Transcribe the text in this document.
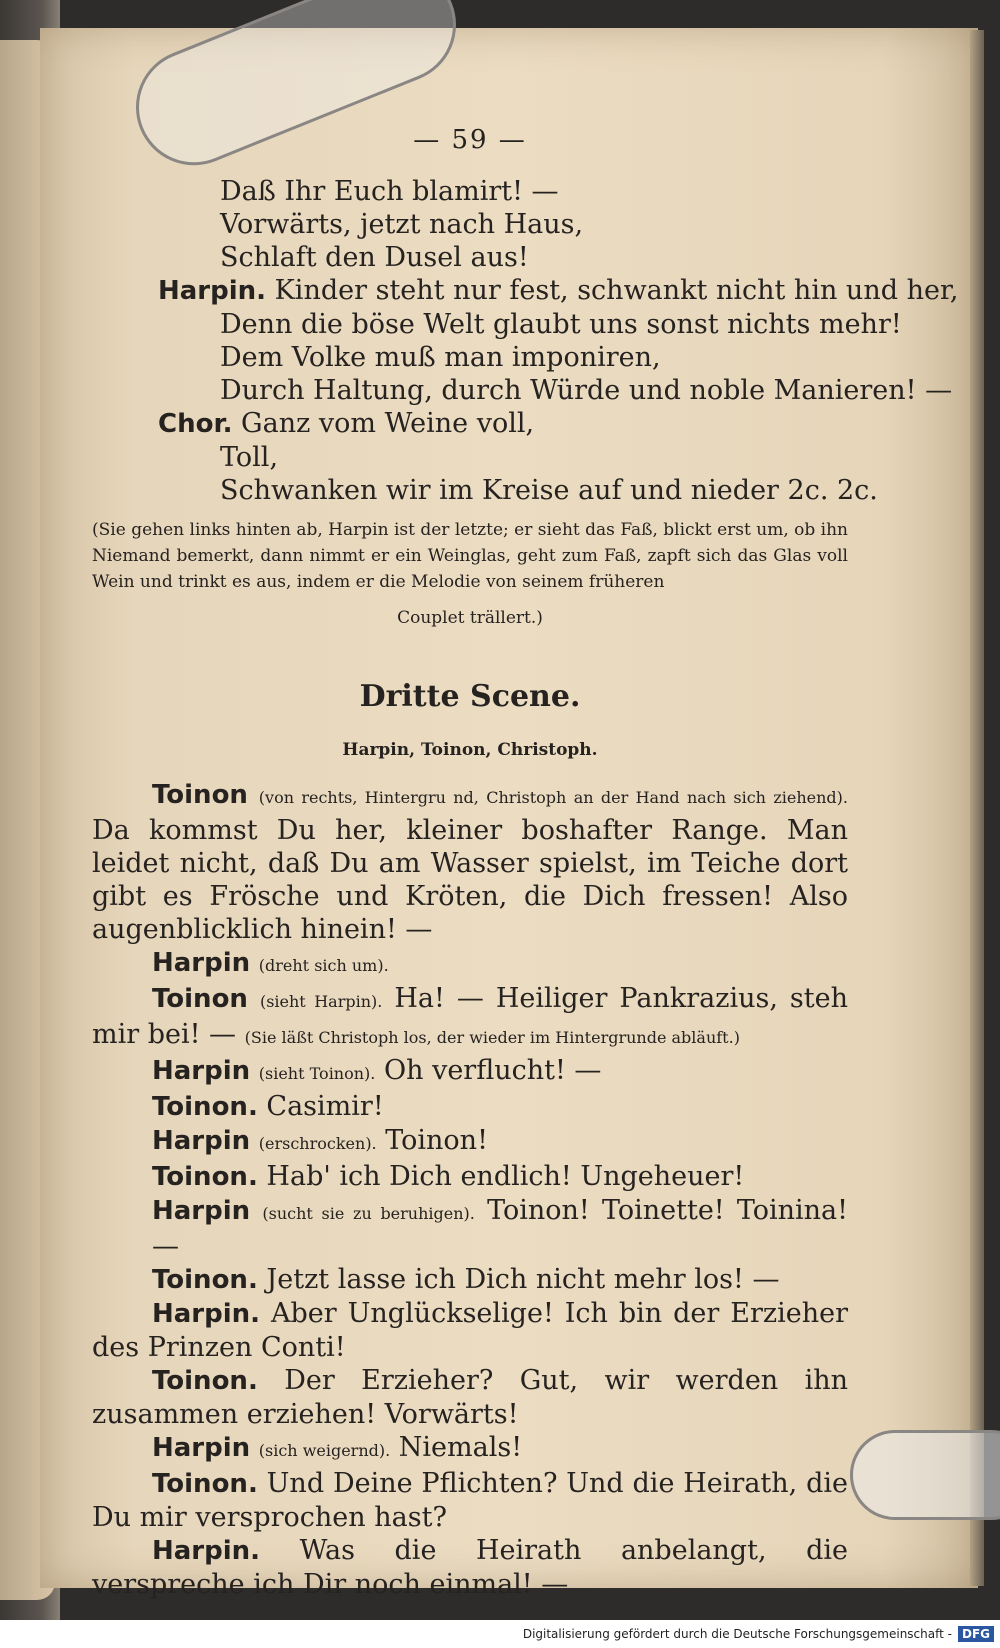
— 59 —
Daß Ihr Euch blamirt! —
Vorwärts, jetzt nach Haus,
Schlaft den Dusel aus!
Harpin. Kinder steht nur fest, schwankt nicht hin und her,
Denn die böse Welt glaubt uns sonst nichts mehr!
Dem Volke muß man imponiren,
Durch Haltung, durch Würde und noble Manieren! —
Chor. Ganz vom Weine voll,
Toll,
Schwanken wir im Kreise auf und nieder 2c. 2c.
(Sie gehen links hinten ab, Harpin ist der letzte; er sieht das Faß, blickt erst um, ob ihn Niemand bemerkt, dann nimmt er ein Weinglas, geht zum Faß, zapft sich das Glas voll Wein und trinkt es aus, indem er die Melodie von seinem früheren
Couplet trällert.)
Dritte Scene.
Harpin, Toinon, Christoph.
Toinon (von rechts, Hintergru nd, Christoph an der Hand nach sich ziehend). Da kommst Du her, kleiner boshafter Range. Man leidet nicht, daß Du am Wasser spielst, im Teiche dort gibt es Frösche und Kröten, die Dich fressen! Also augenblicklich hinein! —
Harpin (dreht sich um).
Toinon (sieht Harpin). Ha! — Heiliger Pankrazius, steh mir bei! — (Sie läßt Christoph los, der wieder im Hintergrunde abläuft.)
Harpin (sieht Toinon). Oh verflucht! —
Toinon. Casimir!
Harpin (erschrocken). Toinon!
Toinon. Hab' ich Dich endlich! Ungeheuer!
Harpin (sucht sie zu beruhigen). Toinon! Toinette! Toinina! —
Toinon. Jetzt lasse ich Dich nicht mehr los! —
Harpin. Aber Unglückselige! Ich bin der Erzieher des Prinzen Conti!
Toinon. Der Erzieher? Gut, wir werden ihn zusammen erziehen! Vorwärts!
Harpin (sich weigernd). Niemals!
Toinon. Und Deine Pflichten? Und die Heirath, die Du mir versprochen hast?
Harpin. Was die Heirath anbelangt, die verspreche ich Dir noch einmal! —
Digitalisierung gefördert durch die Deutsche Forschungsgemeinschaft - DFG
